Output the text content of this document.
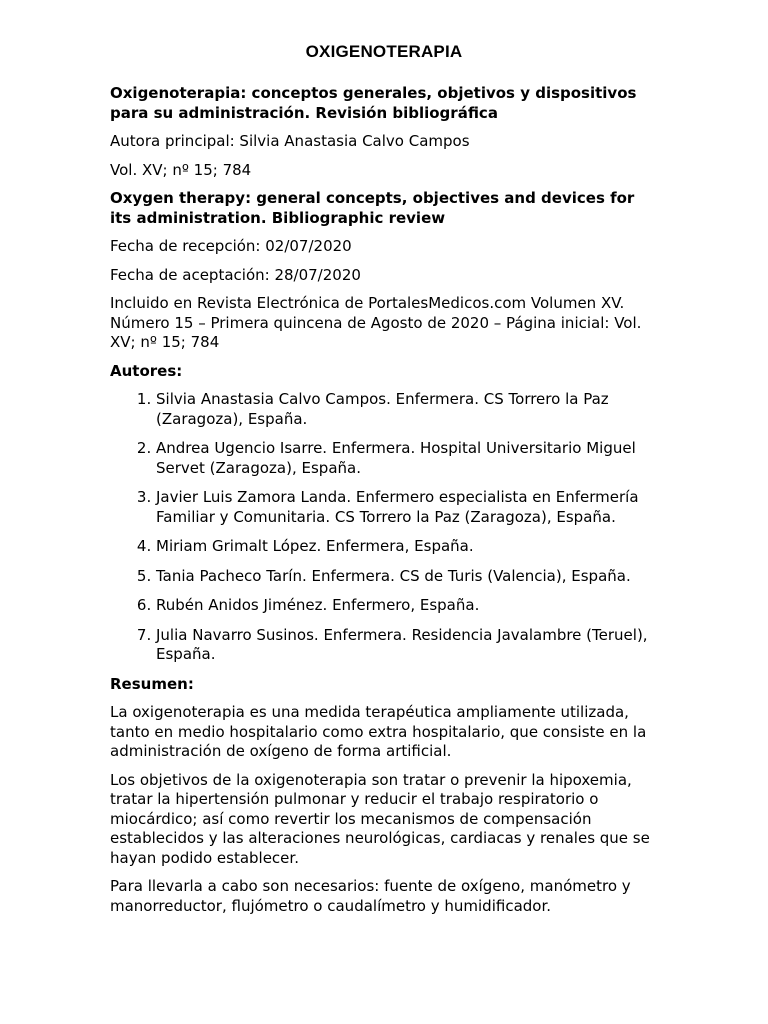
OXIGENOTERAPIA

Oxigenoterapia: conceptos generales, objetivos y dispositivos para su administración. Revisión bibliográfica

Autora principal: Silvia Anastasia Calvo Campos

Vol. XV; nº 15; 784

Oxygen therapy: general concepts, objectives and devices for its administration. Bibliographic review

Fecha de recepción: 02/07/2020

Fecha de aceptación: 28/07/2020

Incluido en Revista Electrónica de PortalesMedicos.com Volumen XV. Número 15 – Primera quincena de Agosto de 2020 – Página inicial: Vol. XV; nº 15; 784

Autores:

1. Silvia Anastasia Calvo Campos. Enfermera. CS Torrero la Paz (Zaragoza), España.
2. Andrea Ugencio Isarre. Enfermera. Hospital Universitario Miguel Servet (Zaragoza), España.
3. Javier Luis Zamora Landa. Enfermero especialista en Enfermería Familiar y Comunitaria. CS Torrero la Paz (Zaragoza), España.
4. Miriam Grimalt López. Enfermera, España.
5. Tania Pacheco Tarín. Enfermera. CS de Turis (Valencia), España.
6. Rubén Anidos Jiménez. Enfermero, España.
7. Julia Navarro Susinos. Enfermera. Residencia Javalambre (Teruel), España.

Resumen:

La oxigenoterapia es una medida terapéutica ampliamente utilizada, tanto en medio hospitalario como extra hospitalario, que consiste en la administración de oxígeno de forma artificial.

Los objetivos de la oxigenoterapia son tratar o prevenir la hipoxemia, tratar la hipertensión pulmonar y reducir el trabajo respiratorio o miocárdico; así como revertir los mecanismos de compensación establecidos y las alteraciones neurológicas, cardiacas y renales que se hayan podido establecer.

Para llevarla a cabo son necesarios: fuente de oxígeno, manómetro y manorreductor, flujómetro o caudalímetro y humidificador.
